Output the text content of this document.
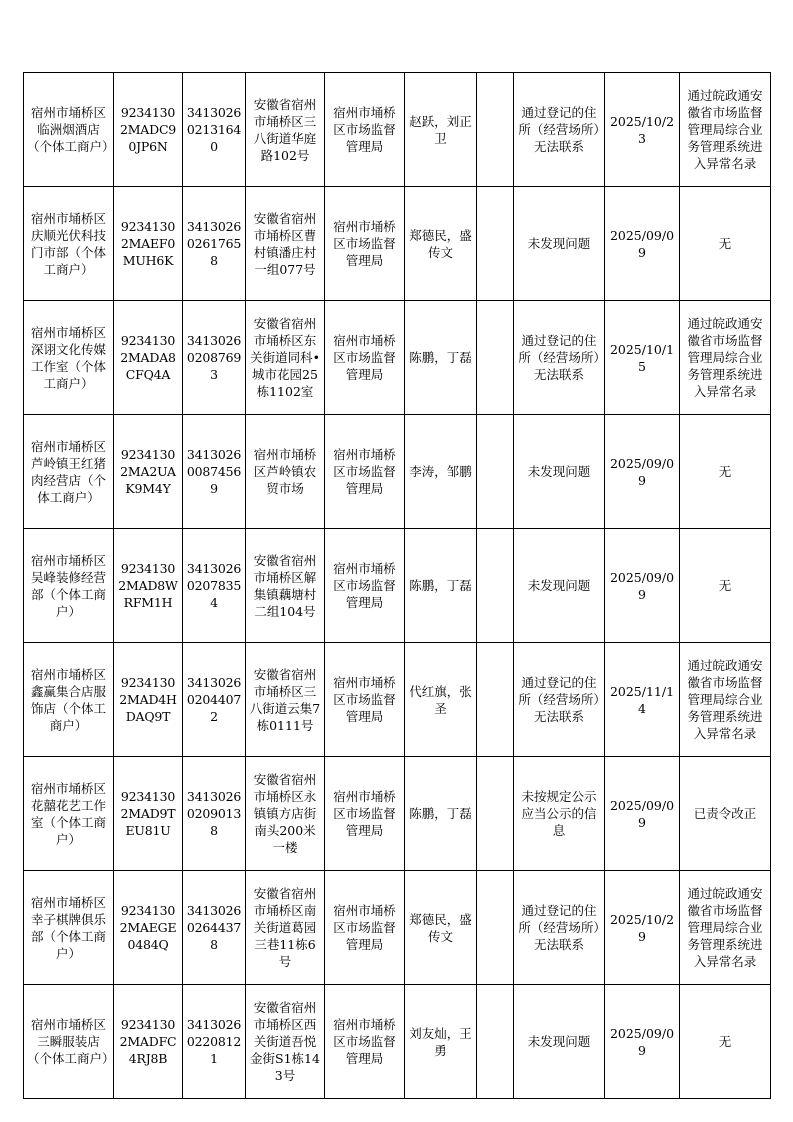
宿州市埇桥区临洲烟酒店（个体工商户）	92341302MADC90JP6N	341302602131640	安徽省宿州市埇桥区三八街道华庭路102号	宿州市埇桥区市场监督管理局	赵跃，刘正卫		通过登记的住所（经营场所）无法联系	2025/10/23	通过皖政通安徽省市场监督管理局综合业务管理系统进入异常名录
宿州市埇桥区庆顺光伏科技门市部（个体工商户）	92341302MAEF0MUH6K	341302602617658	安徽省宿州市埇桥区曹村镇潘庄村一组077号	宿州市埇桥区市场监督管理局	郑德民，盛传文		未发现问题	2025/09/09	无
宿州市埇桥区深诩文化传媒工作室（个体工商户）	92341302MADA8CFQ4A	341302602087693	安徽省宿州市埇桥区东关街道同科•城市花园25栋1102室	宿州市埇桥区市场监督管理局	陈鹏，丁磊		通过登记的住所（经营场所）无法联系	2025/10/15	通过皖政通安徽省市场监督管理局综合业务管理系统进入异常名录
宿州市埇桥区芦岭镇王红猪肉经营店（个体工商户）	92341302MA2UAK9M4Y	341302600874569	宿州市埇桥区芦岭镇农贸市场	宿州市埇桥区市场监督管理局	李涛，邹鹏		未发现问题	2025/09/09	无
宿州市埇桥区吴峰装修经营部（个体工商户）	92341302MAD8WRFM1H	341302602078354	安徽省宿州市埇桥区解集镇藕塘村二组104号	宿州市埇桥区市场监督管理局	陈鹏，丁磊		未发现问题	2025/09/09	无
宿州市埇桥区鑫赢集合店服饰店（个体工商户）	92341302MAD4HDAQ9T	341302602044072	安徽省宿州市埇桥区三八街道云集7栋0111号	宿州市埇桥区市场监督管理局	代红旗，张圣		通过登记的住所（经营场所）无法联系	2025/11/14	通过皖政通安徽省市场监督管理局综合业务管理系统进入异常名录
宿州市埇桥区花囍花艺工作室（个体工商户）	92341302MAD9TEU81U	341302602090138	安徽省宿州市埇桥区永镇镇方店街南头200米一楼	宿州市埇桥区市场监督管理局	陈鹏，丁磊		未按规定公示应当公示的信息	2025/09/09	已责令改正
宿州市埇桥区幸子棋牌俱乐部（个体工商户）	92341302MAEGE0484Q	341302602644378	安徽省宿州市埇桥区南关街道葛园三巷11栋6号	宿州市埇桥区市场监督管理局	郑德民，盛传文		通过登记的住所（经营场所）无法联系	2025/10/29	通过皖政通安徽省市场监督管理局综合业务管理系统进入异常名录
宿州市埇桥区三瞬服装店（个体工商户）	92341302MADFC4RJ8B	341302602208121	安徽省宿州市埇桥区西关街道吾悦金街S1栋143号	宿州市埇桥区市场监督管理局	刘友灿，王勇		未发现问题	2025/09/09	无
